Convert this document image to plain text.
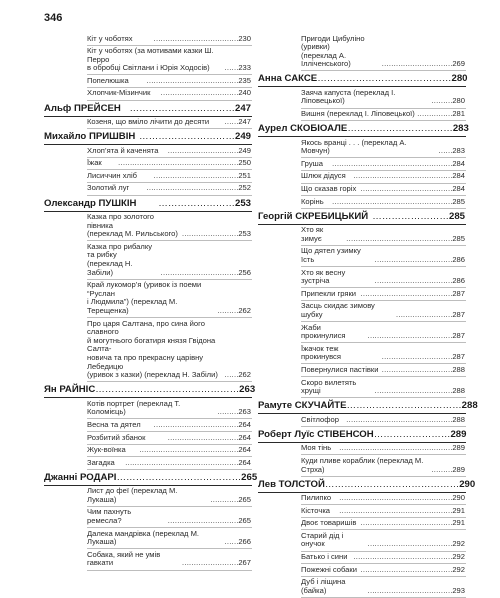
346
Кіт у чоботях	………………………………230
Кіт у чоботях (за мотивами казки Ш. Перро
в обробці Світлани і Юрія Ходосів)	……233
Попелюшка	…………………………………235
Хлопчик-Мізинчик	……………………………240
Альф ПРЕЙСЕН ……………………………247
Козеня, що вміло лічити до десяти	……247
Михайло ПРИШВІН …………………………249
Хлоп’ята й каченята	…………………………249
Їжак	……………………………………………250
Лисиччин хліб	………………………………251
Золотий луг	…………………………………252
Олександр ПУШКІН ……………………253
Казка про золотого півника
(переклад М. Рильського) ……………………253
Казка про рибалку та рибку
(переклад Н. Забіли)	……………………………256
Край лукомор’я (уривок із поеми “Руслан
і Людмила”) (переклад М. Терещенка)	………262
Про царя Салтана, про сина його славного
й могутнього богатиря князя Гвідона Салта-
новича та про прекрасну царівну Лебедицю
(уривок з казки) (переклад Н. Забіли) ……262
Ян РАЙНІС ………………………………………263
Котів портрет (переклад Т. Коломієць)	………263
Весна та дятел	………………………………264
Розбитий збанок	…………………………264
Жук-воїнка	……………………………………264
Загадка	…………………………………………264
Джанні РОДАРІ …………………………………265
Лист до феї (переклад М. Лукаша)	…………265
Чим пахнуть ремесла?	…………………………265
Далека мандрівка (переклад М. Лукаша)	……266
Собака, який не умів гавкати	……………………267
Пригоди Цибуліно (уривки)
(переклад А. Ілліченського)	…………………………269
Анна САКСЕ ……………………………………280
Заяча капуста (переклад І. Ліповецької)	………280
Вишня (переклад І. Ліповецької) ……………281
Аурел СКОБІОАЛЕ ……………………………283
Якось вранці . . . (переклад А. Мовчун)	……283
Груша	……………………………………………284
Шлюк дідуся ……………………………………284
Що сказав горіх …………………………………284
Корінь	……………………………………………285
Георгій СКРЕБИЦЬКИЙ ……………………285
Хто як зимує	………………………………………285
Що дятел узимку їсть	……………………………286
Хто як весну зустріча	……………………………286
Припекли гряки …………………………………287
Засць скидає зимову шубку	……………………287
Жаби прокинулися	………………………………287
Їжачок теж прокинувся	…………………………287
Повернулися пастівки …………………………288
Скоро вилетять хрущі	……………………………288
Рамуте СКУЧАЙТЕ ………………………………288
Світлофор ………………………………………288
Роберт Луїс СТІВЕНСОН ……………………289
Моя тінь	…………………………………………289
Куди пливе кораблик (переклад М. Стрха)	………289
Лев ТОЛСТОЙ ……………………………………290
Пилипко	…………………………………………290
Кісточка	…………………………………………291
Двоє товаришів …………………………………291
Старий дід і онучок	………………………………292
Батько і сини ……………………………………292
Пожежні собаки …………………………………292
Дуб і ліщина (байка)	………………………………293
